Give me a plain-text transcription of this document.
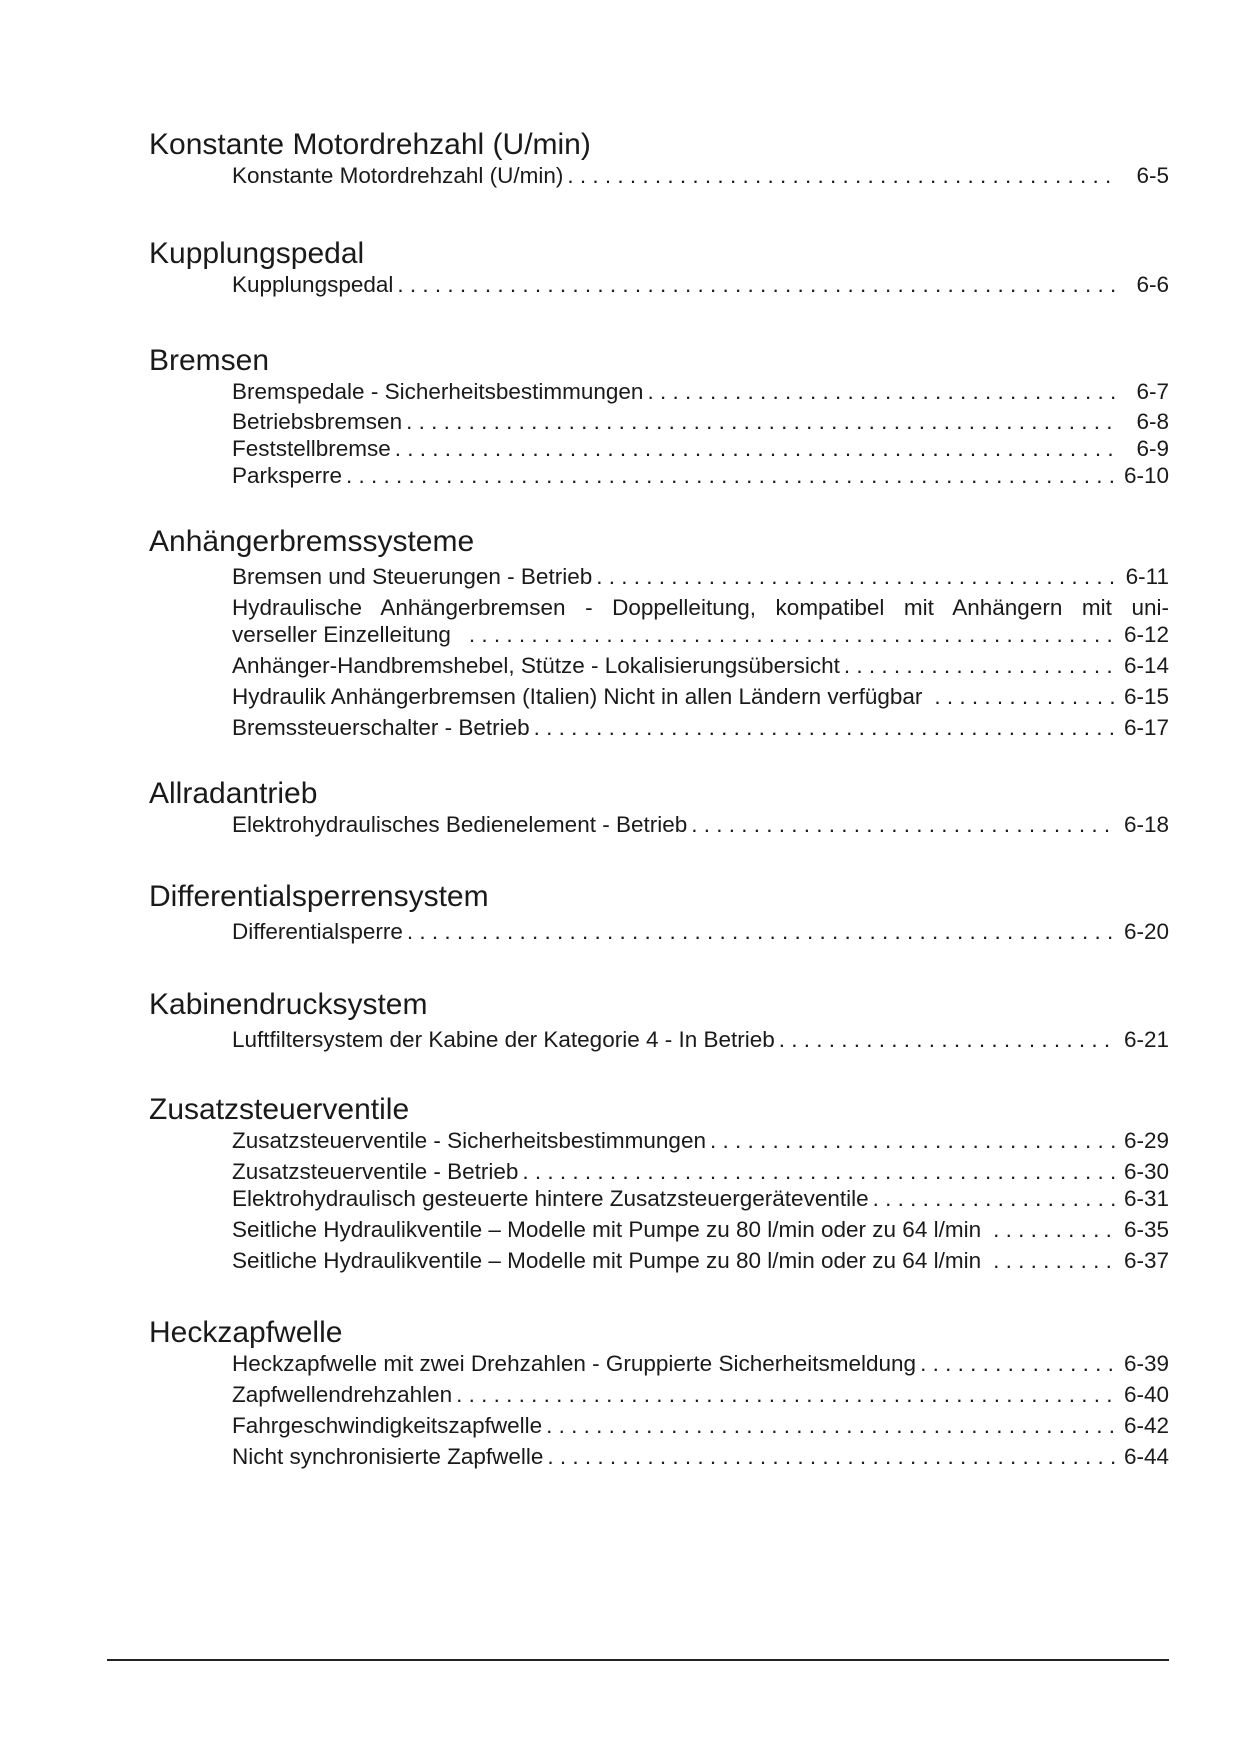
Konstante Motordrehzahl (U/min)
Konstante Motordrehzahl (U/min) . . .	6-5
Kupplungspedal
Kupplungspedal . . .	6-6
Bremsen
Bremspedale - Sicherheitsbestimmungen . . .	6-7
Betriebsbremsen . . .	6-8
Feststellbremse . . .	6-9
Parksperre . . .	6-10
Anhängerbremssysteme
Bremsen und Steuerungen - Betrieb . . .	6-11
Hydraulische Anhängerbremsen - Doppelleitung, kompatibel mit Anhängern mit uni-
verseller Einzelleitung . . .	6-12
Anhänger-Handbremshebel, Stütze - Lokalisierungsübersicht . . .	6-14
Hydraulik Anhängerbremsen (Italien) Nicht in allen Ländern verfügbar . . .	6-15
Bremssteuerschalter - Betrieb . . .	6-17
Allradantrieb
Elektrohydraulisches Bedienelement - Betrieb . . .	6-18
Differentialsperrensystem
Differentialsperre . . .	6-20
Kabinendrucksystem
Luftfiltersystem der Kabine der Kategorie 4 - In Betrieb . . .	6-21
Zusatzsteuerventile
Zusatzsteuerventile - Sicherheitsbestimmungen . . .	6-29
Zusatzsteuerventile - Betrieb . . .	6-30
Elektrohydraulisch gesteuerte hintere Zusatzsteuergeräteventile . . .	6-31
Seitliche Hydraulikventile – Modelle mit Pumpe zu 80 l/min oder zu 64 l/min . . .	6-35
Seitliche Hydraulikventile – Modelle mit Pumpe zu 80 l/min oder zu 64 l/min . . .	6-37
Heckzapfwelle
Heckzapfwelle mit zwei Drehzahlen - Gruppierte Sicherheitsmeldung . . .	6-39
Zapfwellendrehzahlen . . .	6-40
Fahrgeschwindigkeitszapfwelle . . .	6-42
Nicht synchronisierte Zapfwelle . . .	6-44
